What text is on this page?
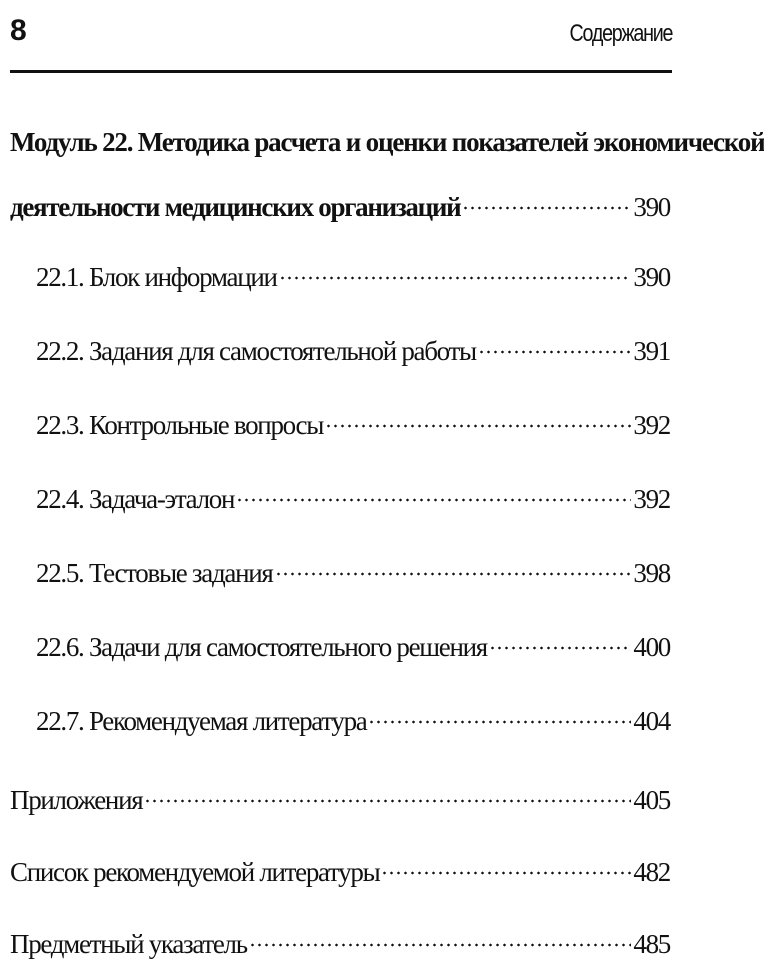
8	Содержание
Модуль 22. Методика расчета и оценки показателей экономической
деятельности медицинских организаций	390
22.1. Блок информации	390
22.2. Задания для самостоятельной работы	391
22.3. Контрольные вопросы	392
22.4. Задача-эталон	392
22.5. Тестовые задания	398
22.6. Задачи для самостоятельного решения	400
22.7. Рекомендуемая литература	404
Приложения	405
Список рекомендуемой литературы	482
Предметный указатель	485
